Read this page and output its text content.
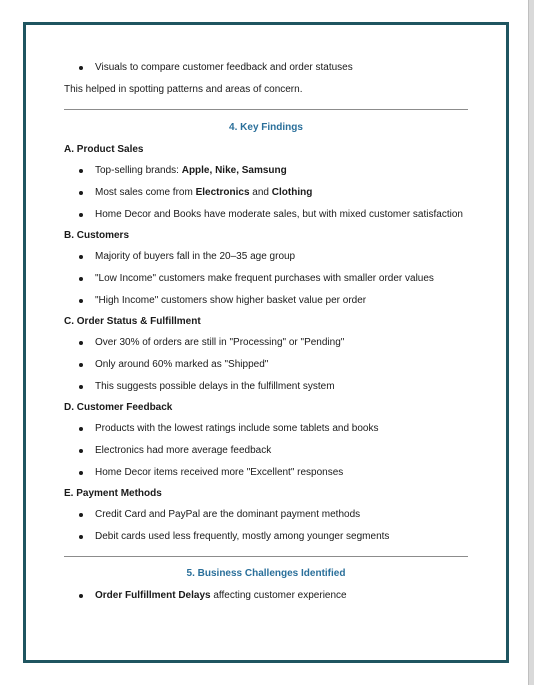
Visuals to compare customer feedback and order statuses
This helped in spotting patterns and areas of concern.
4. Key Findings
A. Product Sales
Top-selling brands: Apple, Nike, Samsung
Most sales come from Electronics and Clothing
Home Decor and Books have moderate sales, but with mixed customer satisfaction
B. Customers
Majority of buyers fall in the 20–35 age group
"Low Income" customers make frequent purchases with smaller order values
"High Income" customers show higher basket value per order
C. Order Status & Fulfillment
Over 30% of orders are still in "Processing" or "Pending"
Only around 60% marked as "Shipped"
This suggests possible delays in the fulfillment system
D. Customer Feedback
Products with the lowest ratings include some tablets and books
Electronics had more average feedback
Home Decor items received more "Excellent" responses
E. Payment Methods
Credit Card and PayPal are the dominant payment methods
Debit cards used less frequently, mostly among younger segments
5. Business Challenges Identified
Order Fulfillment Delays affecting customer experience
